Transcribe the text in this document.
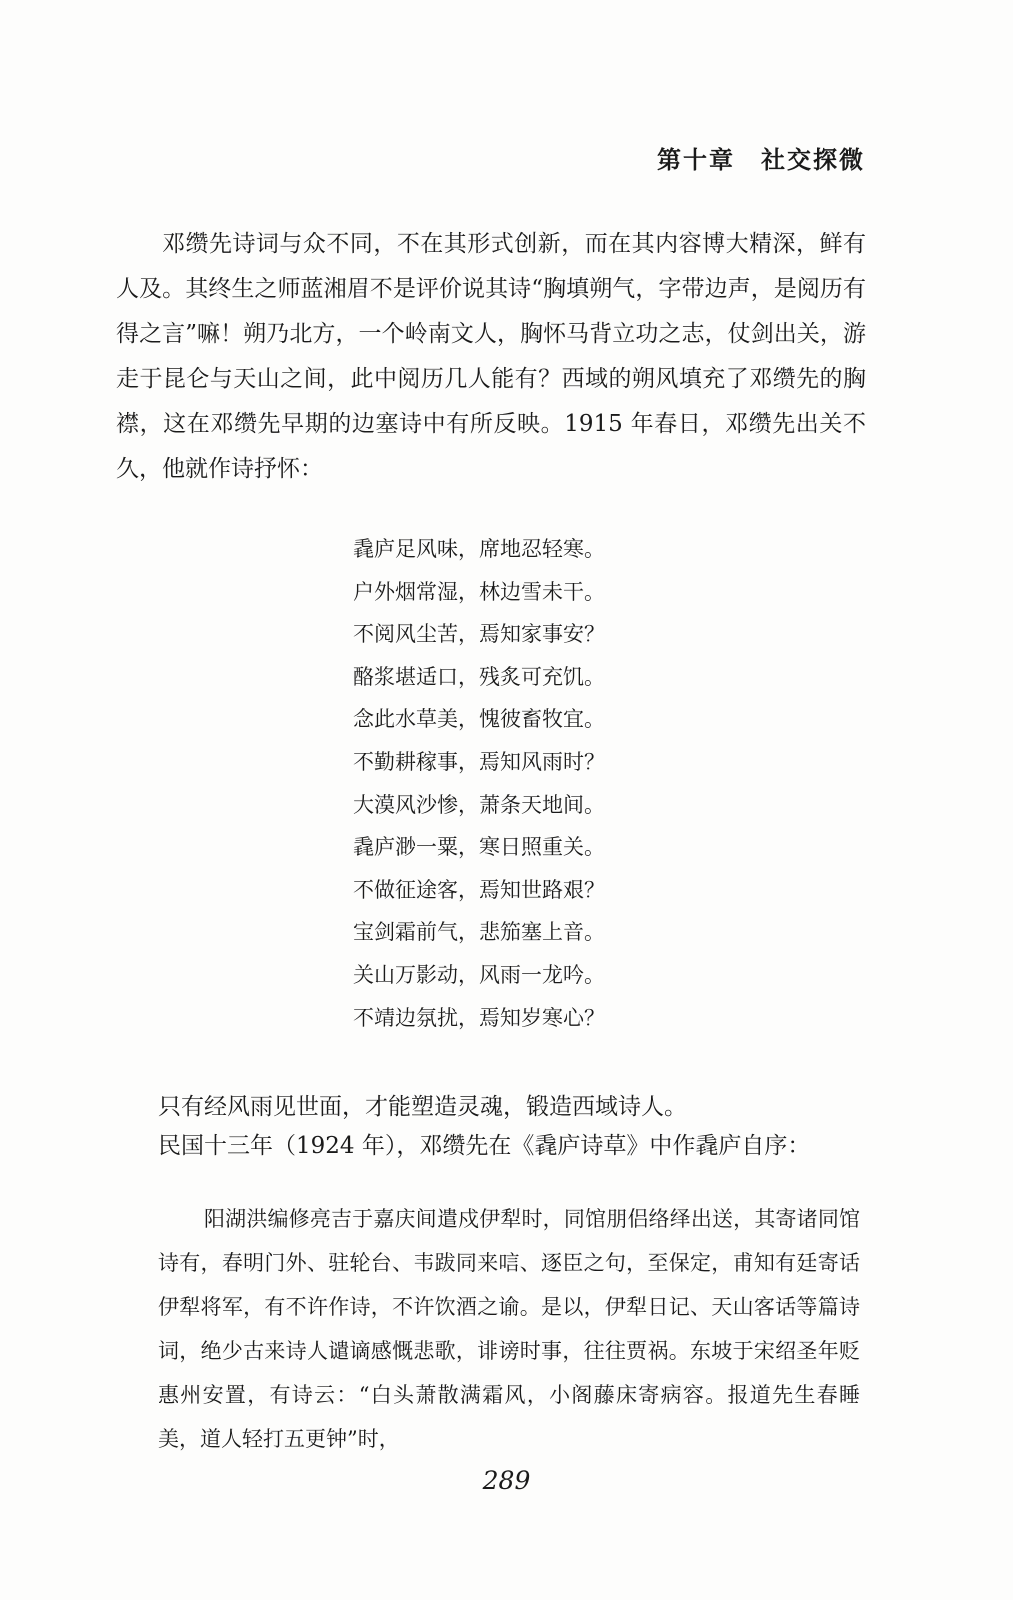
第十章 社交探微

邓缵先诗词与众不同，不在其形式创新，而在其内容博大精深，鲜有人及。其终生之师蓝湘眉不是评价说其诗“胸填朔气，字带边声，是阅历有得之言”嘛！朔乃北方，一个岭南文人，胸怀马背立功之志，仗剑出关，游走于昆仑与天山之间，此中阅历几人能有？西域的朔风填充了邓缵先的胸襟，这在邓缵先早期的边塞诗中有所反映。1915 年春日，邓缵先出关不久，他就作诗抒怀：

毳庐足风味，席地忍轻寒。
户外烟常湿，林边雪未干。
不阅风尘苦，焉知家事安？
酪浆堪适口，残炙可充饥。
念此水草美，愧彼畜牧宜。
不勤耕稼事，焉知风雨时？
大漠风沙惨，萧条天地间。
毳庐渺一粟，寒日照重关。
不做征途客，焉知世路艰？
宝剑霜前气，悲笳塞上音。
关山万影动，风雨一龙吟。
不靖边氛扰，焉知岁寒心？

只有经风雨见世面，才能塑造灵魂，锻造西域诗人。

民国十三年（1924 年），邓缵先在《毳庐诗草》中作毳庐自序：

阳湖洪编修亮吉于嘉庆间遣戍伊犁时，同馆朋侣络绎出送，其寄诸同馆诗有，春明门外、驻轮台、韦跋同来唁、逐臣之句，至保定，甫知有廷寄话伊犁将军，有不许作诗，不许饮酒之谕。是以，伊犁日记、天山客话等篇诗词，绝少古来诗人谴谪感慨悲歌，诽谤时事，往往贾祸。东坡于宋绍圣年贬惠州安置，有诗云：“白头萧散满霜风，小阁藤床寄病容。报道先生春睡美，道人轻打五更钟”时，

289
